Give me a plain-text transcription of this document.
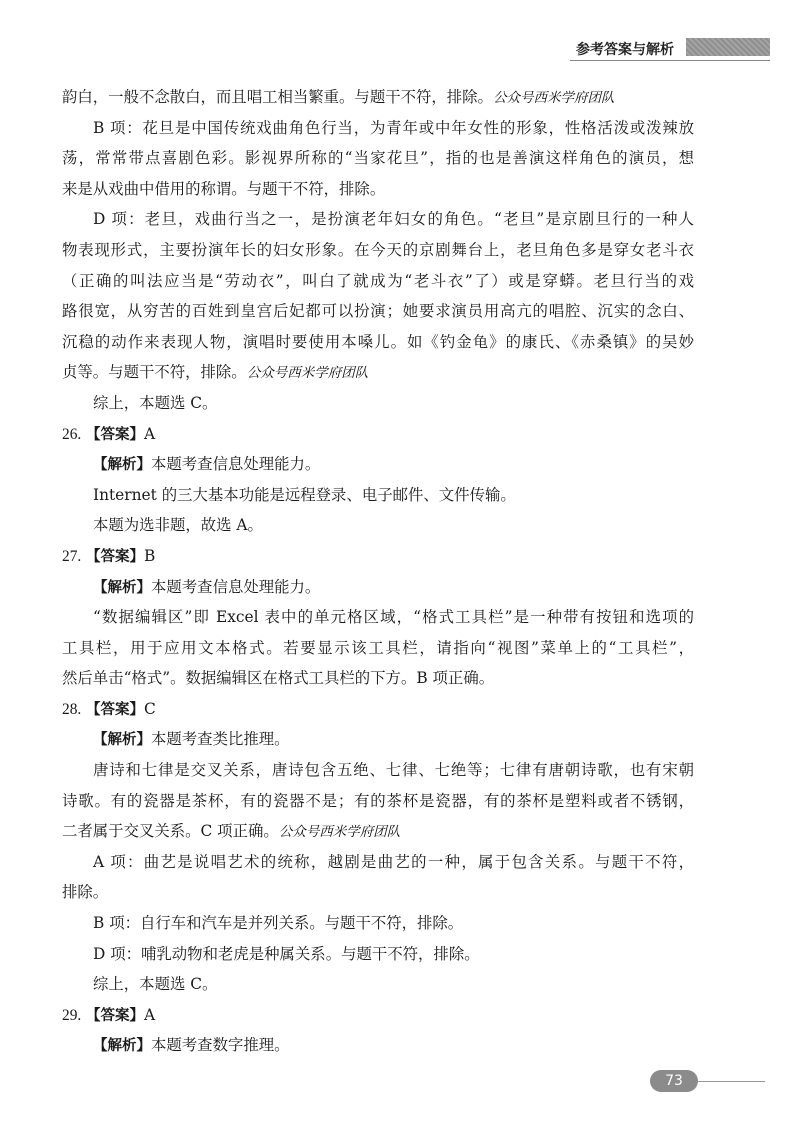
参考答案与解析
韵白，一般不念散白，而且唱工相当繁重。与题干不符，排除。公众号西米学府团队
B 项：花旦是中国传统戏曲角色行当，为青年或中年女性的形象，性格活泼或泼辣放
荡，常常带点喜剧色彩。影视界所称的“当家花旦”，指的也是善演这样角色的演员，想
来是从戏曲中借用的称谓。与题干不符，排除。
D 项：老旦，戏曲行当之一，是扮演老年妇女的角色。“老旦”是京剧旦行的一种人
物表现形式，主要扮演年长的妇女形象。在今天的京剧舞台上，老旦角色多是穿女老斗衣
（正确的叫法应当是“劳动衣”，叫白了就成为“老斗衣”了）或是穿蟒。老旦行当的戏
路很宽，从穷苦的百姓到皇宫后妃都可以扮演；她要求演员用高亢的唱腔、沉实的念白、
沉稳的动作来表现人物，演唱时要使用本嗓儿。如《钓金龟》的康氏、《赤桑镇》的吴妙
贞等。与题干不符，排除。公众号西米学府团队
综上，本题选 C。
26. 【答案】A
【解析】本题考查信息处理能力。
Internet 的三大基本功能是远程登录、电子邮件、文件传输。
本题为选非题，故选 A。
27. 【答案】B
【解析】本题考查信息处理能力。
“数据编辑区”即 Excel 表中的单元格区域，“格式工具栏”是一种带有按钮和选项的
工具栏，用于应用文本格式。若要显示该工具栏，请指向“视图”菜单上的“工具栏”，
然后单击“格式”。数据编辑区在格式工具栏的下方。B 项正确。
28. 【答案】C
【解析】本题考查类比推理。
唐诗和七律是交叉关系，唐诗包含五绝、七律、七绝等；七律有唐朝诗歌，也有宋朝
诗歌。有的瓷器是茶杯，有的瓷器不是；有的茶杯是瓷器，有的茶杯是塑料或者不锈钢，
二者属于交叉关系。C 项正确。公众号西米学府团队
A 项：曲艺是说唱艺术的统称，越剧是曲艺的一种，属于包含关系。与题干不符，
排除。
B 项：自行车和汽车是并列关系。与题干不符，排除。
D 项：哺乳动物和老虎是种属关系。与题干不符，排除。
综上，本题选 C。
29. 【答案】A
【解析】本题考查数字推理。
73
